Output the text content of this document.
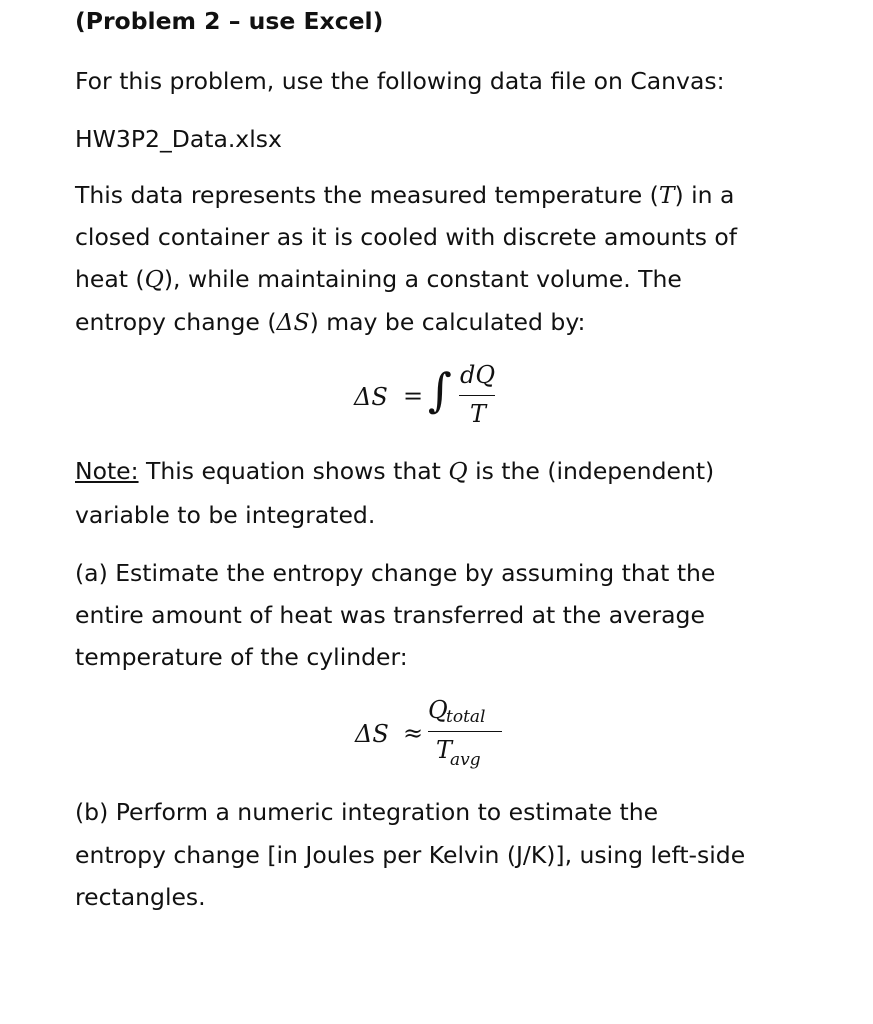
(Problem 2 – use Excel)
For this problem, use the following data file on Canvas:
HW3P2_Data.xlsx
This data represents the measured temperature (T) in a
closed container as it is cooled with discrete amounts of
heat (Q), while maintaining a constant volume. The
entropy change (ΔS) may be calculated by:
ΔS = ∫ dQ
T
Note: This equation shows that Q is the (independent)
variable to be integrated.
(a) Estimate the entropy change by assuming that the
entire amount of heat was transferred at the average
temperature of the cylinder:
ΔS ≈
Q
total
T
avg
(b) Perform a numeric integration to estimate the
entropy change [in Joules per Kelvin (J/K)], using left-side
rectangles.
